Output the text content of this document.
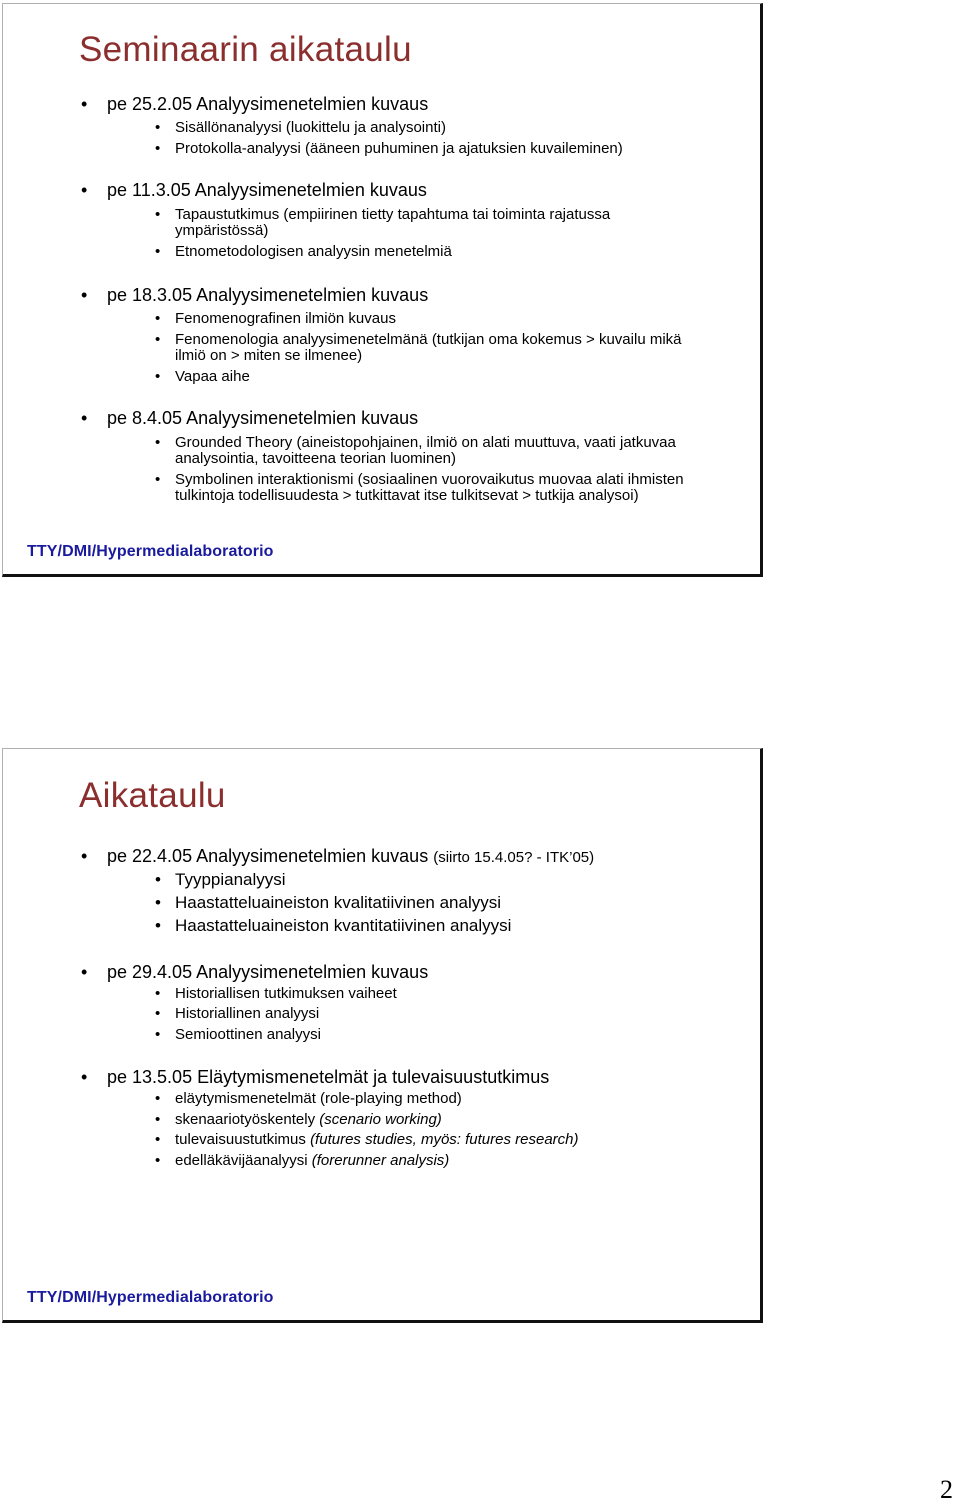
Seminaarin aikataulu
• pe 25.2.05 Analyysimenetelmien kuvaus
• Sisällönanalyysi (luokittelu ja analysointi)
• Protokolla-analyysi (ääneen puhuminen ja ajatuksien kuvaileminen)
• pe 11.3.05 Analyysimenetelmien kuvaus
• Tapaustutkimus (empiirinen tietty tapahtuma tai toiminta rajatussa ympäristössä)
• Etnometodologisen analyysin menetelmiä
• pe 18.3.05 Analyysimenetelmien kuvaus
• Fenomenografinen ilmiön kuvaus
• Fenomenologia analyysimenetelmänä (tutkijan oma kokemus > kuvailu mikä ilmiö on > miten se ilmenee)
• Vapaa aihe
• pe 8.4.05 Analyysimenetelmien kuvaus
• Grounded Theory (aineistopohjainen, ilmiö on alati muuttuva, vaati jatkuvaa analysointia, tavoitteena teorian luominen)
• Symbolinen interaktionismi (sosiaalinen vuorovaikutus muovaa alati ihmisten tulkintoja todellisuudesta > tutkittavat itse tulkitsevat > tutkija analysoi)
TTY/DMI/Hypermedialaboratorio
Aikataulu
• pe 22.4.05 Analyysimenetelmien kuvaus (siirto 15.4.05? - ITK’05)
• Tyyppianalyysi
• Haastatteluaineiston kvalitatiivinen analyysi
• Haastatteluaineiston kvantitatiivinen analyysi
• pe 29.4.05 Analyysimenetelmien kuvaus
• Historiallisen tutkimuksen vaiheet
• Historiallinen analyysi
• Semioottinen analyysi
• pe 13.5.05 Eläytymismenetelmät ja tulevaisuustutkimus
• eläytymismenetelmät (role-playing method)
• skenaariotyöskentely (scenario working)
• tulevaisuustutkimus (futures studies, myös: futures research)
• edelläkävijäanalyysi (forerunner analysis)
TTY/DMI/Hypermedialaboratorio
2
